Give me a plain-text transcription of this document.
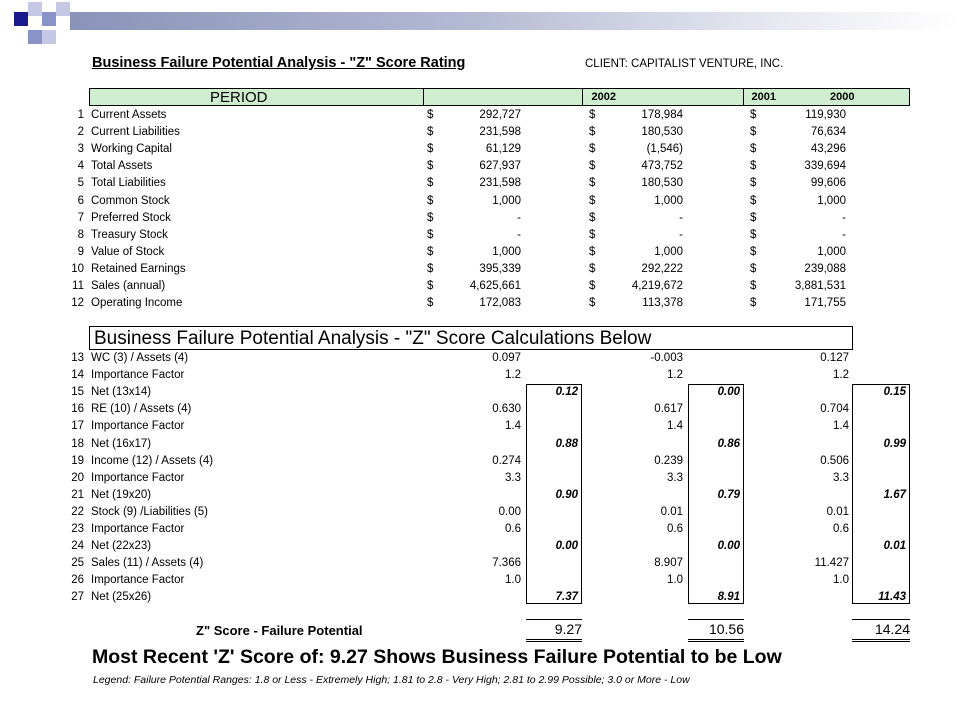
Business Failure Potential Analysis - "Z" Score Rating	CLIENT: CAPITALIST VENTURE, INC.
PERIOD	2002	2001	2000
1 Current Assets	$	292,727	$	178,984	$	119,930
2 Current Liabilities	$	231,598	$	180,530	$	76,634
3 Working Capital	$	61,129	$	(1,546)	$	43,296
4 Total Assets	$	627,937	$	473,752	$	339,694
5 Total Liabilities	$	231,598	$	180,530	$	99,606
6 Common Stock	$	1,000	$	1,000	$	1,000
7 Preferred Stock	$	-	$	-	$	-
8 Treasury Stock	$	-	$	-	$	-
9 Value of Stock	$	1,000	$	1,000	$	1,000
10 Retained Earnings	$	395,339	$	292,222	$	239,088
11 Sales (annual)	$	4,625,661	$	4,219,672	$	3,881,531
12 Operating Income	$	172,083	$	113,378	$	171,755
Business Failure Potential Analysis - "Z" Score Calculations Below
13 WC (3) / Assets (4)	0.097	-0.003	0.127
14 Importance Factor	1.2	1.2	1.2
15 Net (13x14)	0.12	0.00	0.15
16 RE (10) / Assets (4)	0.630	0.617	0.704
17 Importance Factor	1.4	1.4	1.4
18 Net (16x17)	0.88	0.86	0.99
19 Income (12) / Assets (4)	0.274	0.239	0.506
20 Importance Factor	3.3	3.3	3.3
21 Net (19x20)	0.90	0.79	1.67
22 Stock (9) /Liabilities (5)	0.00	0.01	0.01
23 Importance Factor	0.6	0.6	0.6
24 Net (22x23)	0.00	0.00	0.01
25 Sales (11) / Assets (4)	7.366	8.907	11.427
26 Importance Factor	1.0	1.0	1.0
27 Net (25x26)	7.37	8.91	11.43
Z" Score - Failure Potential	9.27	10.56	14.24
Most Recent 'Z' Score of: 9.27 Shows Business Failure Potential to be Low
Legend: Failure Potential Ranges: 1.8 or Less - Extremely High; 1.81 to 2.8 - Very High; 2.81 to 2.99 Possible; 3.0 or More - Low
